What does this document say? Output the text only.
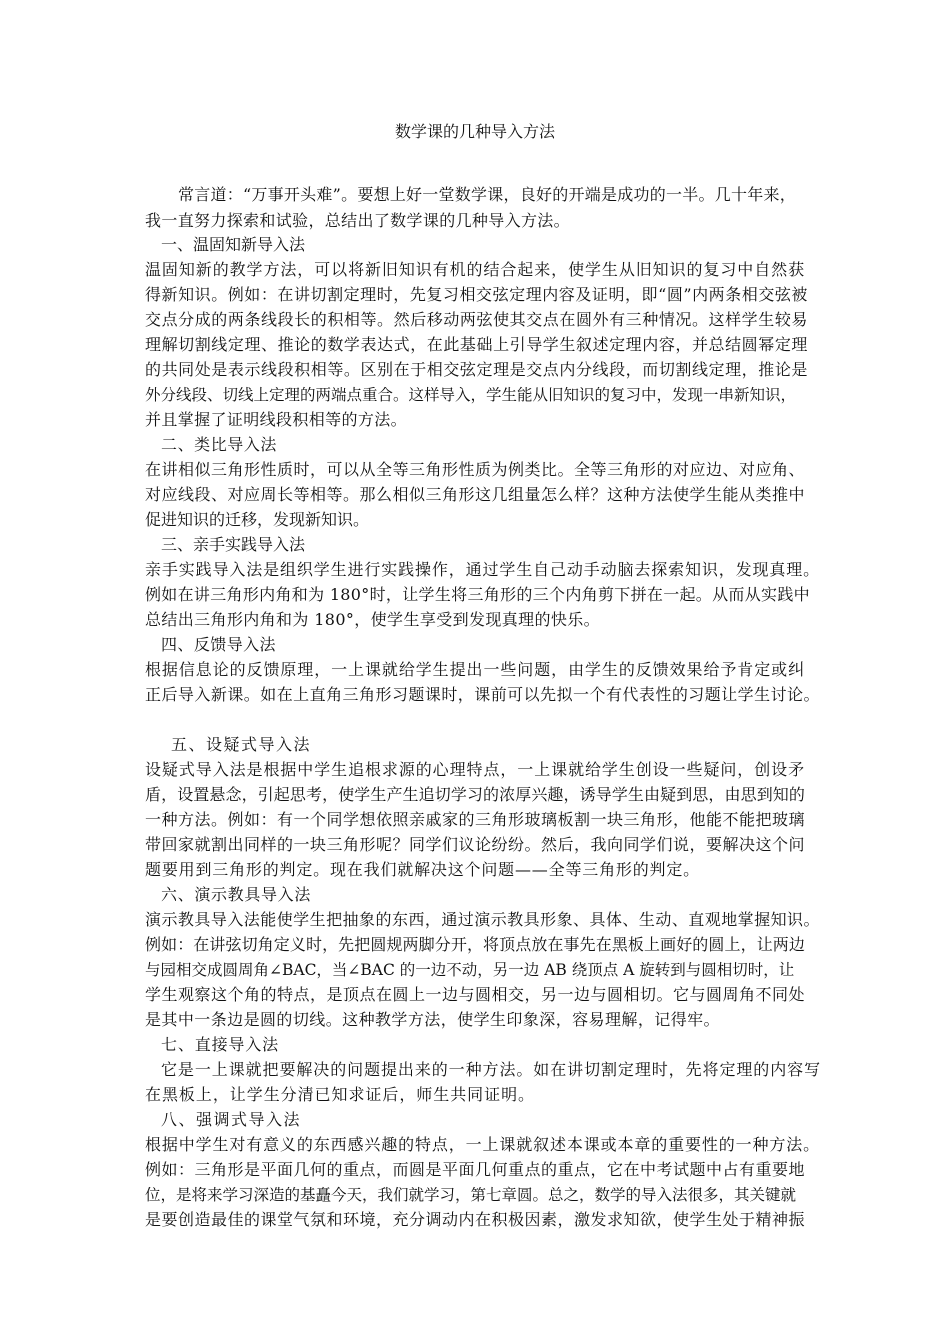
数学课的几种导入方法
常言道：“万事开头难”。要想上好一堂数学课，良好的开端是成功的一半。几十年来，
我一直努力探索和试验，总结出了数学课的几种导入方法。
一、温固知新导入法
温固知新的教学方法，可以将新旧知识有机的结合起来，使学生从旧知识的复习中自然获
得新知识。例如：在讲切割定理时，先复习相交弦定理内容及证明，即“圆”内两条相交弦被
交点分成的两条线段长的积相等。然后移动两弦使其交点在圆外有三种情况。这样学生较易
理解切割线定理、推论的数学表达式，在此基础上引导学生叙述定理内容，并总结圆幂定理
的共同处是表示线段积相等。区别在于相交弦定理是交点内分线段，而切割线定理，推论是
外分线段、切线上定理的两端点重合。这样导入，学生能从旧知识的复习中，发现一串新知识，
并且掌握了证明线段积相等的方法。
二、类比导入法
在讲相似三角形性质时，可以从全等三角形性质为例类比。全等三角形的对应边、对应角、
对应线段、对应周长等相等。那么相似三角形这几组量怎么样？这种方法使学生能从类推中
促进知识的迁移，发现新知识。
三、亲手实践导入法
亲手实践导入法是组织学生进行实践操作，通过学生自己动手动脑去探索知识，发现真理。
例如在讲三角形内角和为 180°时，让学生将三角形的三个内角剪下拼在一起。从而从实践中
总结出三角形内角和为 180°，使学生享受到发现真理的快乐。
四、反馈导入法
根据信息论的反馈原理，一上课就给学生提出一些问题，由学生的反馈效果给予肯定或纠
正后导入新课。如在上直角三角形习题课时，课前可以先拟一个有代表性的习题让学生讨论。
五、设疑式导入法
设疑式导入法是根据中学生追根求源的心理特点，一上课就给学生创设一些疑问，创设矛
盾，设置悬念，引起思考，使学生产生追切学习的浓厚兴趣，诱导学生由疑到思，由思到知的
一种方法。例如：有一个同学想依照亲戚家的三角形玻璃板割一块三角形，他能不能把玻璃
带回家就割出同样的一块三角形呢？同学们议论纷纷。然后，我向同学们说，要解决这个问
题要用到三角形的判定。现在我们就解决这个问题——全等三角形的判定。
六、演示教具导入法
演示教具导入法能使学生把抽象的东西，通过演示教具形象、具体、生动、直观地掌握知识。
例如：在讲弦切角定义时，先把圆规两脚分开，将顶点放在事先在黑板上画好的圆上，让两边
与园相交成圆周角∠BAC，当∠BAC 的一边不动，另一边 AB 绕顶点 A 旋转到与圆相切时，让
学生观察这个角的特点，是顶点在圆上一边与圆相交，另一边与圆相切。它与圆周角不同处
是其中一条边是圆的切线。这种教学方法，使学生印象深，容易理解，记得牢。
七、直接导入法
它是一上课就把要解决的问题提出来的一种方法。如在讲切割定理时，先将定理的内容写
在黑板上，让学生分清已知求证后，师生共同证明。
八、强调式导入法
根据中学生对有意义的东西感兴趣的特点，一上课就叙述本课或本章的重要性的一种方法。
例如：三角形是平面几何的重点，而圆是平面几何重点的重点，它在中考试题中占有重要地
位，是将来学习深造的基矗今天，我们就学习，第七章圆。总之，数学的导入法很多，其关键就
是要创造最佳的课堂气氛和环境，充分调动内在积极因素，激发求知欲，使学生处于精神振
